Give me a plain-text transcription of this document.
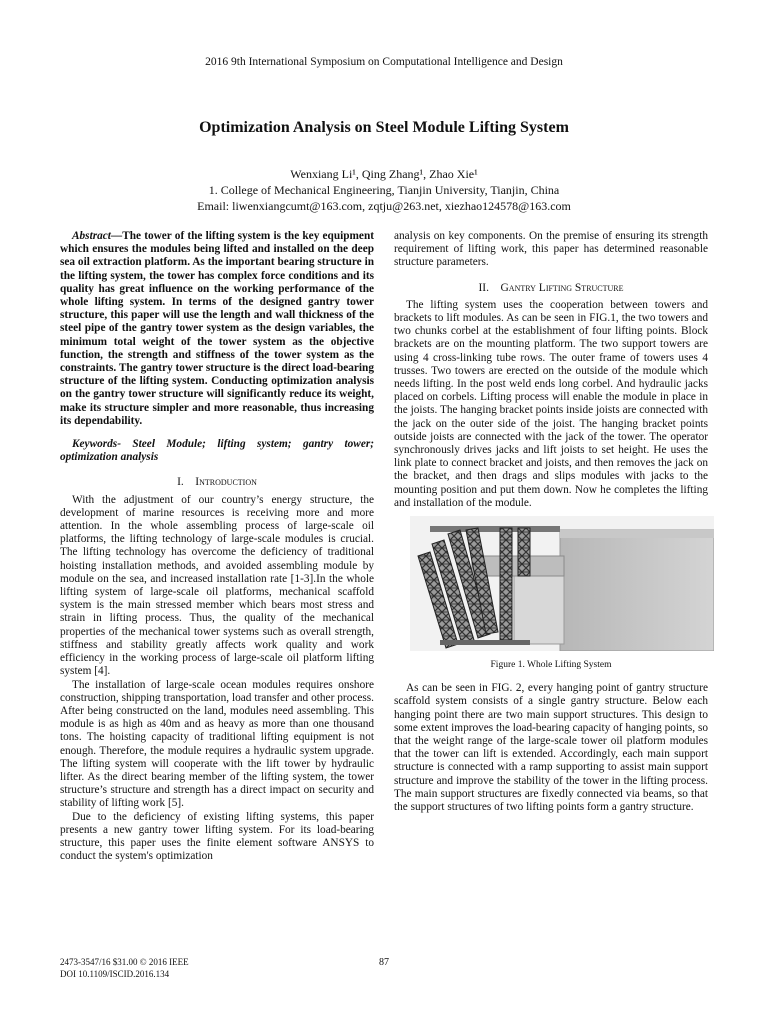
2016 9th International Symposium on Computational Intelligence and Design
Optimization Analysis on Steel Module Lifting System
Wenxiang Li¹, Qing Zhang¹, Zhao Xie¹
1. College of Mechanical Engineering, Tianjin University, Tianjin, China
Email: liwenxiangcumt@163.com, zqtju@263.net, xiezhao124578@163.com

Abstract—The tower of the lifting system is the key equipment which ensures the modules being lifted and installed on the deep sea oil extraction platform. As the important bearing structure in the lifting system, the tower has complex force conditions and its quality has great influence on the working performance of the whole lifting system. In terms of the designed gantry tower structure, this paper will use the length and wall thickness of the steel pipe of the gantry tower system as the design variables, the minimum total weight of the tower system as the objective function, the strength and stiffness of the tower system as the constraints. The gantry tower structure is the direct load-bearing structure of the lifting system. Conducting optimization analysis on the gantry tower structure will significantly reduce its weight, make its structure simpler and more reasonable, thus increasing its dependability.

Keywords- Steel Module; lifting system; gantry tower; optimization analysis

I. Introduction

With the adjustment of our country’s energy structure, the development of marine resources is receiving more and more attention. In the whole assembling process of large-scale oil platforms, the lifting technology of large-scale modules is crucial. The lifting technology has overcome the deficiency of traditional hoisting installation methods, and avoided assembling module by module on the sea, and increased installation rate [1-3].In the whole lifting system of large-scale oil platforms, mechanical scaffold system is the main stressed member which bears most stress and strain in lifting process. Thus, the quality of the mechanical properties of the mechanical tower systems such as overall strength, stiffness and stability greatly affects work quality and work efficiency in the working process of large-scale oil platform lifting system [4].

The installation of large-scale ocean modules requires onshore construction, shipping transportation, load transfer and other process. After being constructed on the land, modules need assembling. This module is as high as 40m and as heavy as more than one thousand tons. The hoisting capacity of traditional lifting equipment is not enough. Therefore, the module requires a hydraulic system upgrade. The lifting system will cooperate with the lift tower by hydraulic lifter. As the direct bearing member of the lifting system, the tower structure’s structure and strength has a direct impact on security and stability of lifting work [5].

Due to the deficiency of existing lifting systems, this paper presents a new gantry tower lifting system. For its load-bearing structure, this paper uses the finite element software ANSYS to conduct the system's optimization

analysis on key components. On the premise of ensuring its strength requirement of lifting work, this paper has determined reasonable structure parameters.

II. Gantry Lifting Structure

The lifting system uses the cooperation between towers and brackets to lift modules. As can be seen in FIG.1, the two towers and two chunks corbel at the establishment of four lifting points. Block brackets are on the mounting platform. The two support towers are using 4 cross-linking tube rows. The outer frame of towers uses 4 trusses. Two towers are erected on the outside of the module which needs lifting. In the post weld ends long corbel. And hydraulic jacks placed on corbels. Lifting process will enable the module in place in the joists. The hanging bracket points inside joists are connected with the jack on the outer side of the joist. The hanging bracket points outside joists are connected with the jack of the tower. The operator synchronously drives jacks and lift joists to set height. He uses the link plate to connect bracket and joists, and then removes the jack on the bracket, and then drags and slips modules with jacks to the mounting position and put them down. Now he completes the lifting and installation of the module.

Figure 1. Whole Lifting System

As can be seen in FIG. 2, every hanging point of gantry structure scaffold system consists of a single gantry structure. Below each hanging point there are two main support structures. This design to some extent improves the load-bearing capacity of hanging points, so that the weight range of the large-scale tower oil platform modules that the tower can lift is extended. Accordingly, each main support structure is connected with a ramp supporting to assist main support structure and improve the stability of the tower in the lifting process. The main support structures are fixedly connected via beams, so that the support structures of two lifting points form a gantry structure.

2473-3547/16 $31.00 © 2016 IEEE
DOI 10.1109/ISCID.2016.134
87
